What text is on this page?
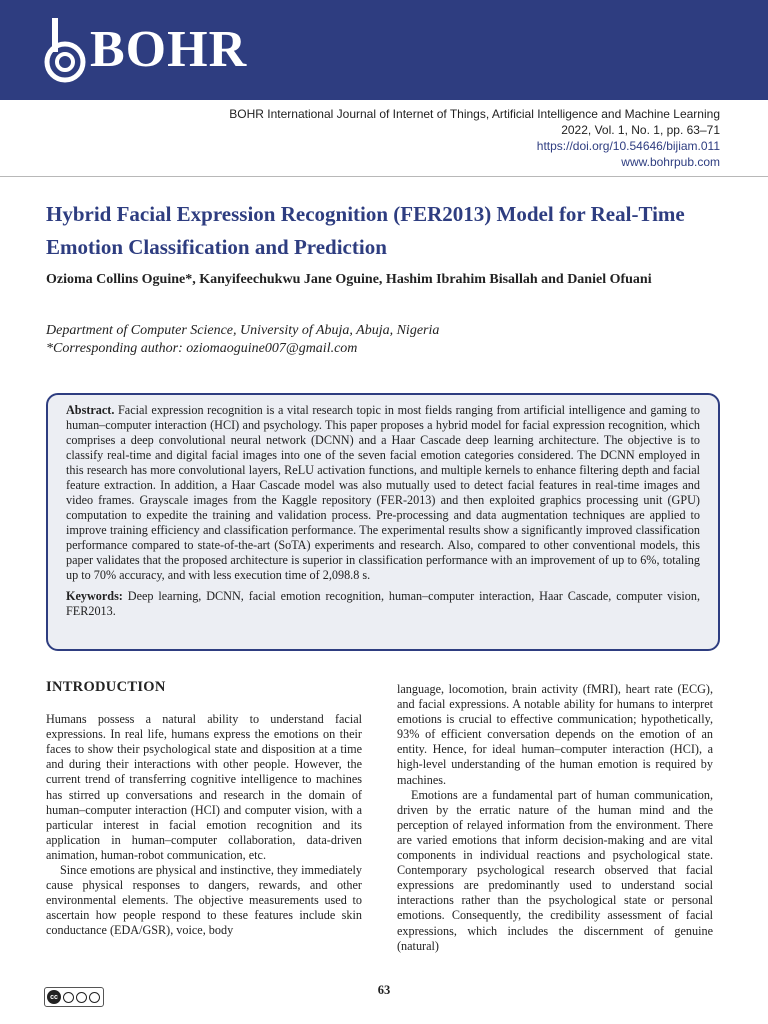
BOHR
BOHR International Journal of Internet of Things, Artificial Intelligence and Machine Learning
2022, Vol. 1, No. 1, pp. 63–71
https://doi.org/10.54646/bijiam.011
www.bohrpub.com
Hybrid Facial Expression Recognition (FER2013) Model for Real-Time Emotion Classification and Prediction

Ozioma Collins Oguine*, Kanyifeechukwu Jane Oguine, Hashim Ibrahim Bisallah and Daniel Ofuani

Department of Computer Science, University of Abuja, Abuja, Nigeria
*Corresponding author: oziomaoguine007@gmail.com

Abstract. Facial expression recognition is a vital research topic in most fields ranging from artificial intelligence and gaming to human–computer interaction (HCI) and psychology. This paper proposes a hybrid model for facial expression recognition, which comprises a deep convolutional neural network (DCNN) and a Haar Cascade deep learning architecture. The objective is to classify real-time and digital facial images into one of the seven facial emotion categories considered. The DCNN employed in this research has more convolutional layers, ReLU activation functions, and multiple kernels to enhance filtering depth and facial feature extraction. In addition, a Haar Cascade model was also mutually used to detect facial features in real-time images and video frames. Grayscale images from the Kaggle repository (FER-2013) and then exploited graphics processing unit (GPU) computation to expedite the training and validation process. Pre-processing and data augmentation techniques are applied to improve training efficiency and classification performance. The experimental results show a significantly improved classification performance compared to state-of-the-art (SoTA) experiments and research. Also, compared to other conventional models, this paper validates that the proposed architecture is superior in classification performance with an improvement of up to 6%, totaling up to 70% accuracy, and with less execution time of 2,098.8 s.

Keywords: Deep learning, DCNN, facial emotion recognition, human–computer interaction, Haar Cascade, computer vision, FER2013.

INTRODUCTION

Humans possess a natural ability to understand facial expressions. In real life, humans express the emotions on their faces to show their psychological state and disposition at a time and during their interactions with other people. However, the current trend of transferring cognitive intelligence to machines has stirred up conversations and research in the domain of human–computer interaction (HCI) and computer vision, with a particular interest in facial emotion recognition and its application in human–computer collaboration, data-driven animation, human-robot communication, etc.

Since emotions are physical and instinctive, they immediately cause physical responses to dangers, rewards, and other environmental elements. The objective measurements used to ascertain how people respond to these features include skin conductance (EDA/GSR), voice, body

language, locomotion, brain activity (fMRI), heart rate (ECG), and facial expressions. A notable ability for humans to interpret emotions is crucial to effective communication; hypothetically, 93% of efficient conversation depends on the emotion of an entity. Hence, for ideal human–computer interaction (HCI), a high-level understanding of the human emotion is required by machines.

Emotions are a fundamental part of human communication, driven by the erratic nature of the human mind and the perception of relayed information from the environment. There are varied emotions that inform decision-making and are vital components in individual reactions and psychological state. Contemporary psychological research observed that facial expressions are predominantly used to understand social interactions rather than the psychological state or personal emotions. Consequently, the credibility assessment of facial expressions, which includes the discernment of genuine (natural)

cc	63
